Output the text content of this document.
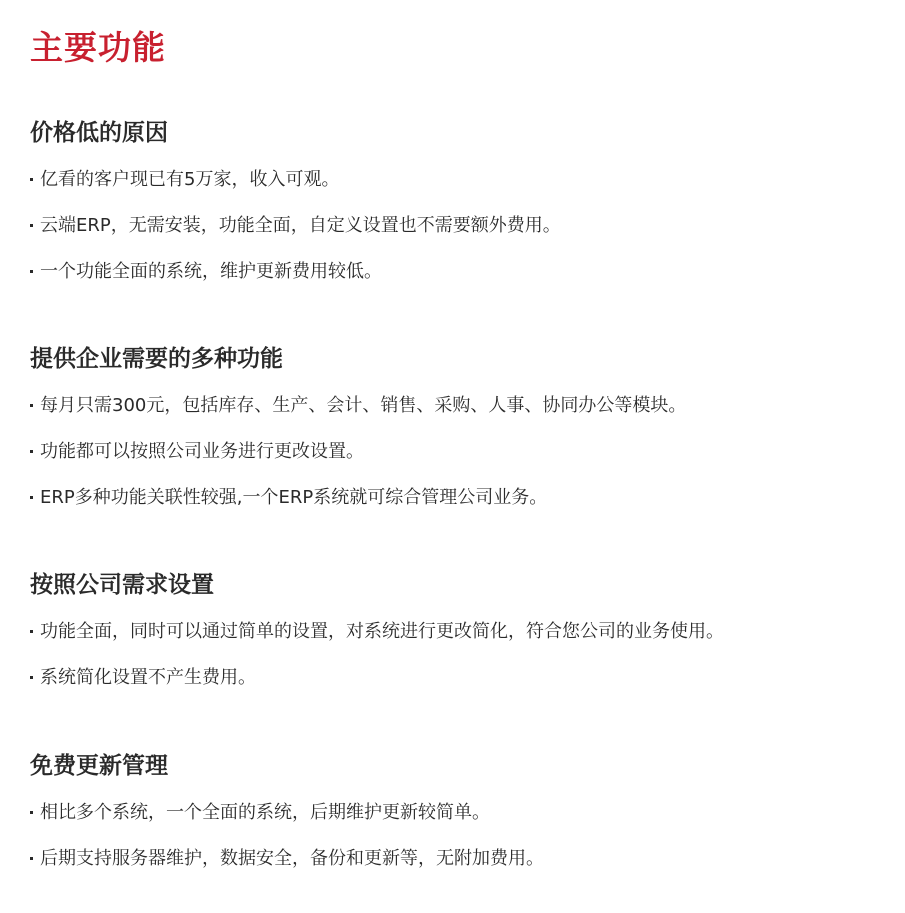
主要功能
价格低的原因
亿看的客户现已有5万家，收入可观。
云端ERP，无需安装，功能全面，自定义设置也不需要额外费用。
一个功能全面的系统，维护更新费用较低。
提供企业需要的多种功能
每月只需300元，包括库存、生产、会计、销售、采购、人事、协同办公等模块。
功能都可以按照公司业务进行更改设置。
ERP多种功能关联性较强,一个ERP系统就可综合管理公司业务。
按照公司需求设置
功能全面，同时可以通过简单的设置，对系统进行更改简化，符合您公司的业务使用。
系统简化设置不产生费用。
免费更新管理
相比多个系统，一个全面的系统，后期维护更新较简单。
后期支持服务器维护，数据安全，备份和更新等，无附加费用。
